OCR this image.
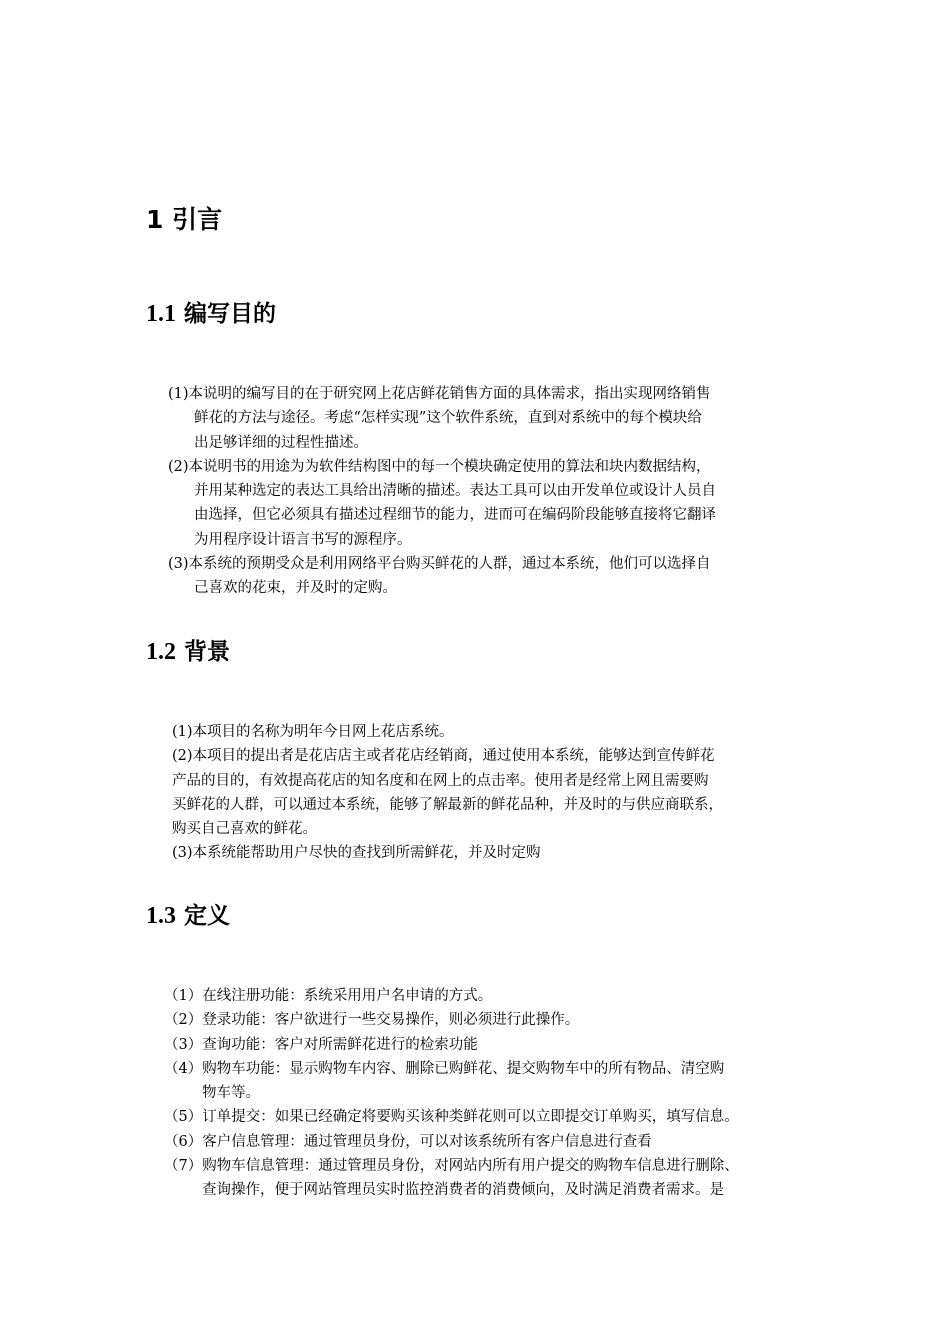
1 引言
1.1 编写目的
(1)本说明的编写目的在于研究网上花店鲜花销售方面的具体需求，指出实现网络销售
鲜花的方法与途径。考虑“怎样实现”这个软件系统，直到对系统中的每个模块给
出足够详细的过程性描述。
(2)本说明书的用途为为软件结构图中的每一个模块确定使用的算法和块内数据结构，
并用某种选定的表达工具给出清晰的描述。表达工具可以由开发单位或设计人员自
由选择，但它必须具有描述过程细节的能力，进而可在编码阶段能够直接将它翻译
为用程序设计语言书写的源程序。
(3)本系统的预期受众是利用网络平台购买鲜花的人群，通过本系统，他们可以选择自
己喜欢的花束，并及时的定购。
1.2 背景
(1)本项目的名称为明年今日网上花店系统。
(2)本项目的提出者是花店店主或者花店经销商，通过使用本系统，能够达到宣传鲜花
产品的目的，有效提高花店的知名度和在网上的点击率。使用者是经常上网且需要购
买鲜花的人群，可以通过本系统，能够了解最新的鲜花品种，并及时的与供应商联系，
购买自己喜欢的鲜花。
(3)本系统能帮助用户尽快的查找到所需鲜花，并及时定购
1.3 定义
（1）在线注册功能：系统采用用户名申请的方式。
（2）登录功能：客户欲进行一些交易操作，则必须进行此操作。
（3）查询功能：客户对所需鲜花进行的检索功能
（4）购物车功能：显示购物车内容、删除已购鲜花、提交购物车中的所有物品、清空购
物车等。
（5）订单提交：如果已经确定将要购买该种类鲜花则可以立即提交订单购买，填写信息。
（6）客户信息管理：通过管理员身份，可以对该系统所有客户信息进行查看
（7）购物车信息管理：通过管理员身份，对网站内所有用户提交的购物车信息进行删除、
查询操作，便于网站管理员实时监控消费者的消费倾向，及时满足消费者需求。是
